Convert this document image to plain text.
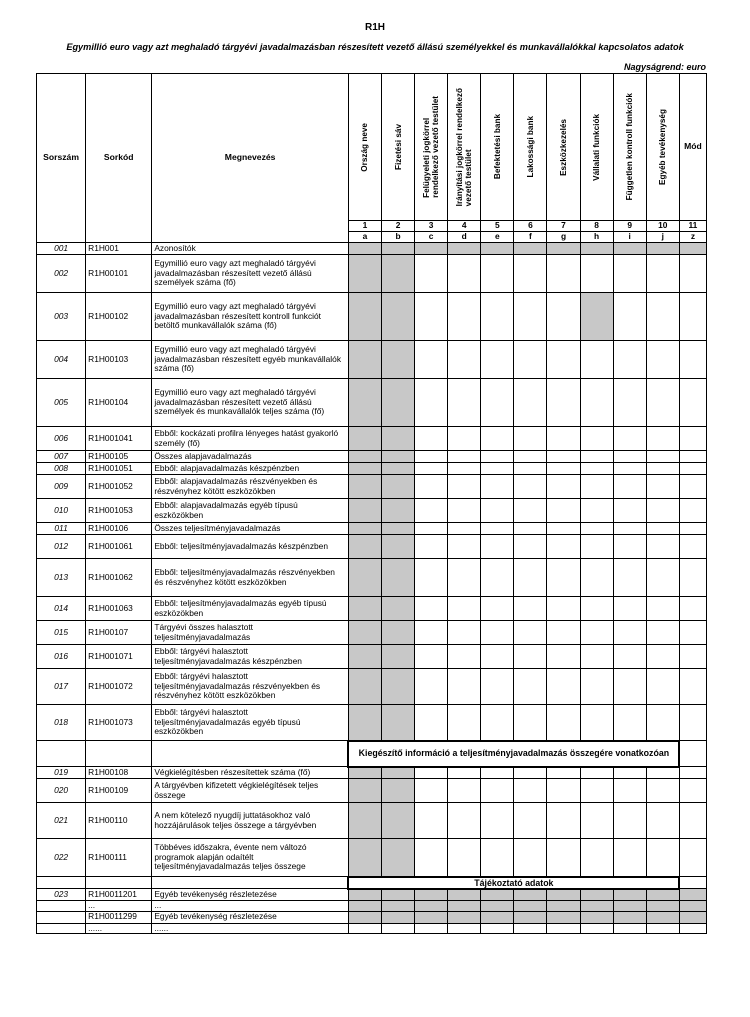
R1H
Egymillió euro vagy azt meghaladó tárgyévi javadalmazásban részesített vezető állású személyekkel és munkavállalókkal kapcsolatos adatok
Nagyságrend: euro
Sorszám	Sorkód	Megnevezés	Ország neve	Fizetési sáv	Felügyeleti jogkörrel
rendelkező vezető testület	Irányítási jogkörrel rendelkező
vezető testület	Befektetési bank	Lakossági bank	Eszközkezelés	Vállalati funkciók	Független kontroll funkciók	Egyéb tevékenység	Mód
			1	2	3	4	5	6	7	8	9	10	11
			a	b	c	d	e	f	g	h	i	j	z
001	R1H001	Azonosítók											
002	R1H00101	Egymillió euro vagy azt meghaladó tárgyévi javadalmazásban részesített vezető állású személyek száma (fő)											
003	R1H00102	Egymillió euro vagy azt meghaladó tárgyévi javadalmazásban részesített kontroll funkciót betöltő munkavállalók száma (fő)											
004	R1H00103	Egymillió euro vagy azt meghaladó tárgyévi javadalmazásban részesített egyéb munkavállalók száma (fő)											
005	R1H00104	Egymillió euro vagy azt meghaladó tárgyévi javadalmazásban részesített vezető állású személyek és munkavállalók teljes száma (fő)											
006	R1H001041	Ebből: kockázati profilra lényeges hatást gyakorló személy (fő)											
007	R1H00105	Összes alapjavadalmazás											
008	R1H001051	Ebből: alapjavadalmazás készpénzben											
009	R1H001052	Ebből: alapjavadalmazás részvényekben és részvényhez kötött eszközökben											
010	R1H001053	Ebből: alapjavadalmazás egyéb típusú eszközökben											
011	R1H00106	Összes teljesítményjavadalmazás											
012	R1H001061	Ebből: teljesítményjavadalmazás készpénzben											
013	R1H001062	Ebből: teljesítményjavadalmazás részvényekben és részvényhez kötött eszközökben											
014	R1H001063	Ebből: teljesítményjavadalmazás egyéb típusú eszközökben											
015	R1H00107	Tárgyévi összes halasztott teljesítményjavadalmazás											
016	R1H001071	Ebből: tárgyévi halasztott teljesítményjavadalmazás készpénzben											
017	R1H001072	Ebből: tárgyévi halasztott teljesítményjavadalmazás részvényekben és részvényhez kötött eszközökben											
018	R1H001073	Ebből: tárgyévi halasztott teljesítményjavadalmazás egyéb típusú eszközökben											
			Kiegészítő információ a teljesítményjavadalmazás összegére vonatkozóan										
019	R1H00108	Végkielégítésben részesítettek száma (fő)											
020	R1H00109	A tárgyévben kifizetett végkielégítések teljes összege											
021	R1H00110	A nem kötelező nyugdíj juttatásokhoz való hozzájárulások teljes összege a tárgyévben											
022	R1H00111	Többéves időszakra, évente nem változó programok alapján odaítélt teljesítményjavadalmazás teljes összege											
			Tájékoztató adatok										
023	R1H0011201	Egyéb tevékenység részletezése											
	...	...											
	R1H0011299	Egyéb tevékenység részletezése											
	......	......											
